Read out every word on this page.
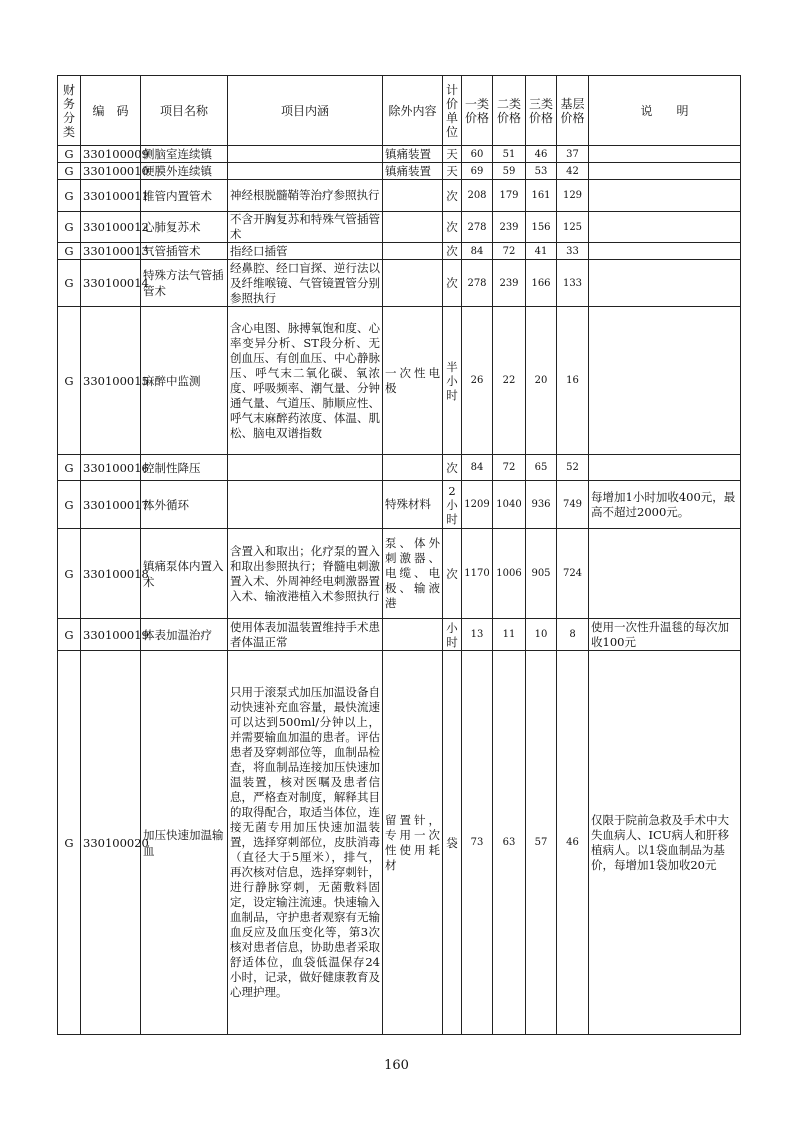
财务分类	编　码	项目名称	项目内涵	除外内容	计价单位	一类价格	二类价格	三类价格	基层价格	说　　明
G	330100009	侧脑室连续镇		镇痛装置	天	60	51	46	37	
G	330100010	硬膜外连续镇		镇痛装置	天	69	59	53	42	
G	330100011	椎管内置管术	神经根脱髓鞘等治疗参照执行		次	208	179	161	129	
G	330100012	心肺复苏术	不含开胸复苏和特殊气管插管术		次	278	239	156	125	
G	330100013	气管插管术	指经口插管		次	84	72	41	33	
G	330100014	特殊方法气管插管术	经鼻腔、经口盲探、逆行法以及纤维喉镜、气管镜置管分别参照执行		次	278	239	166	133	
G	330100015	麻醉中监测	含心电图、脉搏氧饱和度、心率变异分析、ST段分析、无创血压、有创血压、中心静脉压、呼气末二氧化碳、氧浓度、呼吸频率、潮气量、分钟通气量、气道压、肺顺应性、呼气末麻醉药浓度、体温、肌松、脑电双谱指数	一次性电极	半小时	26	22	20	16	
G	330100016	控制性降压			次	84	72	65	52	
G	330100017	体外循环		特殊材料	2小时	1209	1040	936	749	每增加1小时加收400元，最高不超过2000元。
G	330100018	镇痛泵体内置入术	含置入和取出；化疗泵的置入和取出参照执行；脊髓电刺激置入术、外周神经电刺激器置入术、输液港植入术参照执行	泵、体外刺激器、电缆、电极、输液港	次	1170	1006	905	724	
G	330100019	体表加温治疗	使用体表加温装置维持手术患者体温正常		小时	13	11	10	8	使用一次性升温毯的每次加收100元
G	330100020	加压快速加温输血	只用于滚泵式加压加温设备自动快速补充血容量，最快流速可以达到500ml/分钟以上，并需要输血加温的患者。评估患者及穿刺部位等，血制品检查，将血制品连接加压快速加温装置，核对医嘱及患者信息，严格查对制度，解释其目的取得配合，取适当体位，连接无菌专用加压快速加温装置，选择穿刺部位，皮肤消毒（直径大于5厘米），排气，再次核对信息，选择穿刺针，进行静脉穿刺，无菌敷料固定，设定输注流速。快速输入血制品，守护患者观察有无输血反应及血压变化等，第3次核对患者信息，协助患者采取舒适体位，血袋低温保存24小时，记录，做好健康教育及心理护理。	留置针，专用一次性使用耗材	袋	73	63	57	46	仅限于院前急救及手术中大失血病人、ICU病人和肝移植病人。以1袋血制品为基价，每增加1袋加收20元
160
